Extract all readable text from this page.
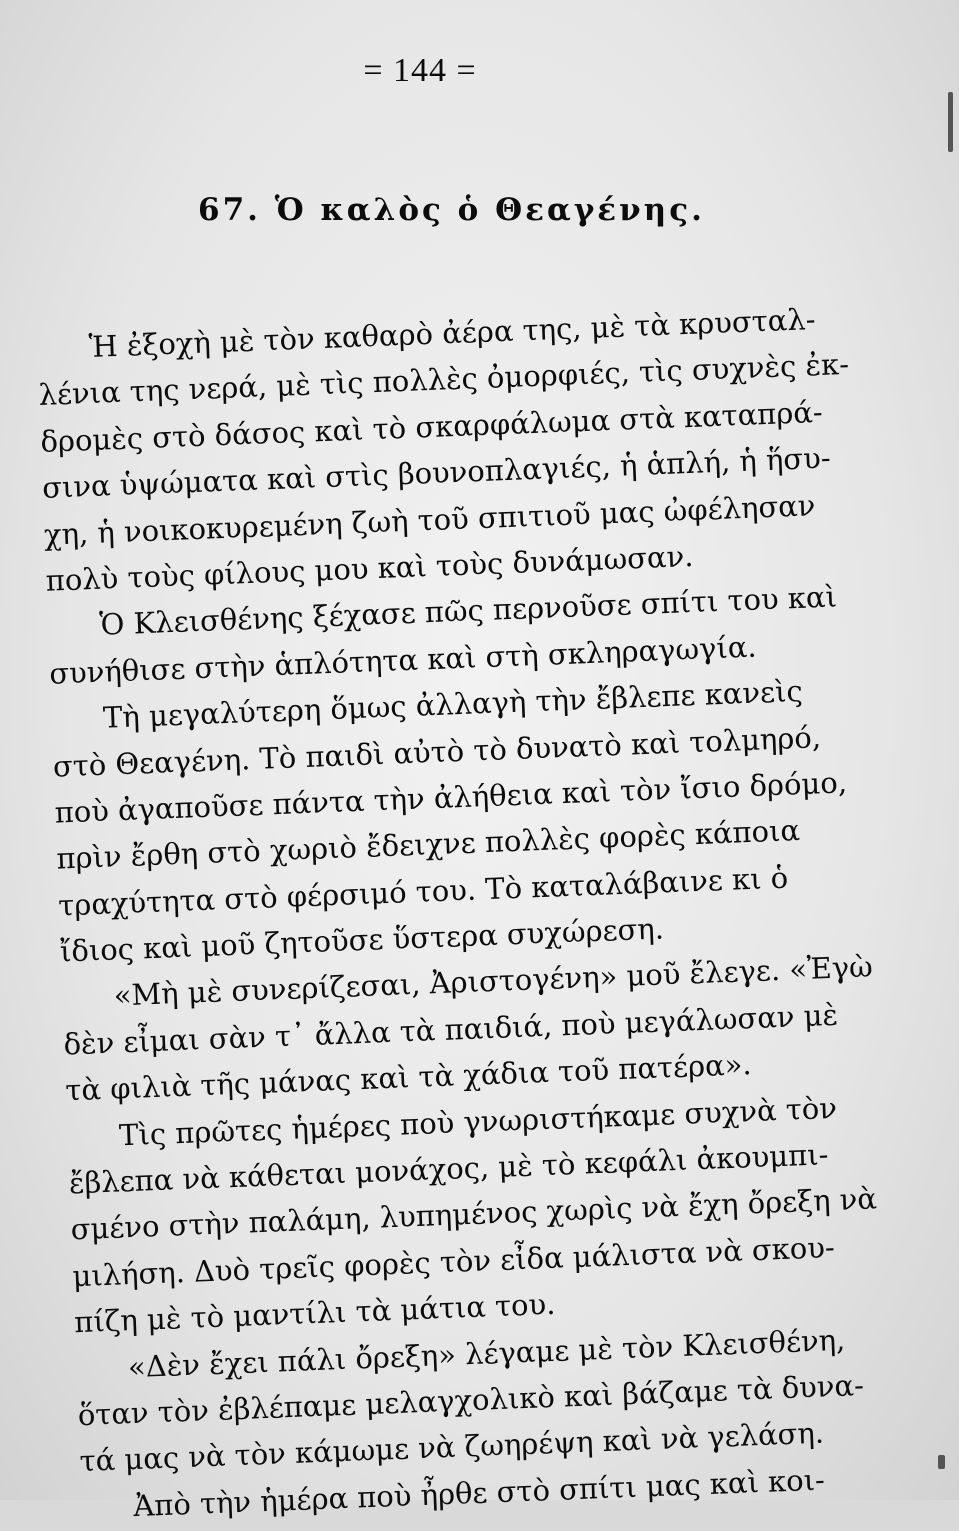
= 144 =
67. Ὁ καλὸς ὁ Θεαγένης.
Ἡ ἐξοχὴ μὲ τὸν καθαρὸ ἀέρα της, μὲ τὰ κρυσταλ-
λένια της νερά, μὲ τὶς πολλὲς ὀμορφιές, τὶς συχνὲς ἐκ-
δρομὲς στὸ δάσος καὶ τὸ σκαρφάλωμα στὰ καταπρά-
σινα ὑψώματα καὶ στὶς βουνοπλαγιές, ἡ ἁπλή, ἡ ἥσυ-
χη, ἡ νοικοκυρεμένη ζωὴ τοῦ σπιτιοῦ μας ὠφέλησαν
πολὺ τοὺς φίλους μου καὶ τοὺς δυνάμωσαν.
Ὁ Κλεισθένης ξέχασε πῶς περνοῦσε σπίτι του καὶ
συνήθισε στὴν ἁπλότητα καὶ στὴ σκληραγωγία.
Τὴ μεγαλύτερη ὅμως ἀλλαγὴ τὴν ἔβλεπε κανεὶς
στὸ Θεαγένη. Τὸ παιδὶ αὐτὸ τὸ δυνατὸ καὶ τολμηρό,
ποὺ ἀγαποῦσε πάντα τὴν ἀλήθεια καὶ τὸν ἴσιο δρόμο,
πρὶν ἔρθη στὸ χωριὸ ἔδειχνε πολλὲς φορὲς κάποια
τραχύτητα στὸ φέρσιμό του. Τὸ καταλάβαινε κι ὁ
ἴδιος καὶ μοῦ ζητοῦσε ὕστερα συχώρεση.
«Μὴ μὲ συνερίζεσαι, Ἀριστογένη» μοῦ ἔλεγε. «Ἐγὼ
δὲν εἶμαι σὰν τ᾿ ἄλλα τὰ παιδιά, ποὺ μεγάλωσαν μὲ
τὰ φιλιὰ τῆς μάνας καὶ τὰ χάδια τοῦ πατέρα».
Τὶς πρῶτες ἡμέρες ποὺ γνωριστήκαμε συχνὰ τὸν
ἔβλεπα νὰ κάθεται μονάχος, μὲ τὸ κεφάλι ἀκουμπι-
σμένο στὴν παλάμη, λυπημένος χωρὶς νὰ ἔχη ὄρεξη νὰ
μιλήση. Δυὸ τρεῖς φορὲς τὸν εἶδα μάλιστα νὰ σκου-
πίζη μὲ τὸ μαντίλι τὰ μάτια του.
«Δὲν ἔχει πάλι ὄρεξη» λέγαμε μὲ τὸν Κλεισθένη,
ὅταν τὸν ἐβλέπαμε μελαγχολικὸ καὶ βάζαμε τὰ δυνα-
τά μας νὰ τὸν κάμωμε νὰ ζωηρέψη καὶ νὰ γελάση.
Ἀπὸ τὴν ἡμέρα ποὺ ἦρθε στὸ σπίτι μας καὶ κοι-
